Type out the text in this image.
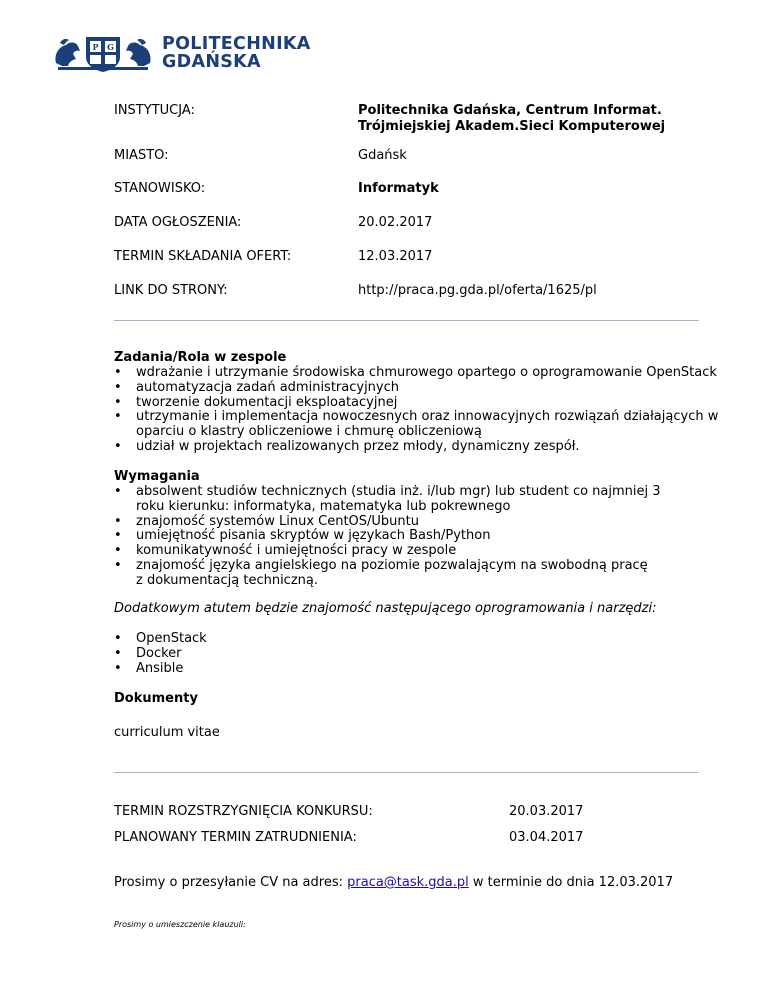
P G	POLITECHNIKA
GDAŃSKA
INSTYTUCJA:	Politechnika Gdańska, Centrum Informat.
Trójmiejskiej Akadem.Sieci Komputerowej
MIASTO:	Gdańsk
STANOWISKO:	Informatyk
DATA OGŁOSZENIA:	20.02.2017
TERMIN SKŁADANIA OFERT:	12.03.2017
LINK DO STRONY:	http://praca.pg.gda.pl/oferta/1625/pl
Zadania/Rola w zespole
• wdrażanie i utrzymanie środowiska chmurowego opartego o oprogramowanie OpenStack
• automatyzacja zadań administracyjnych
• tworzenie dokumentacji eksploatacyjnej
• utrzymanie i implementacja nowoczesnych oraz innowacyjnych rozwiązań działających w oparciu o klastry obliczeniowe i chmurę obliczeniową
• udział w projektach realizowanych przez młody, dynamiczny zespół.
Wymagania
• absolwent studiów technicznych (studia inż. i/lub mgr) lub student co najmniej 3 roku kierunku: informatyka, matematyka lub pokrewnego
• znajomość systemów Linux CentOS/Ubuntu
• umiejętność pisania skryptów w językach Bash/Python
• komunikatywność i umiejętności pracy w zespole
• znajomość języka angielskiego na poziomie pozwalającym na swobodną pracę z dokumentacją techniczną.
Dodatkowym atutem będzie znajomość następującego oprogramowania i narzędzi:
• OpenStack
• Docker
• Ansible
Dokumenty
curriculum vitae
TERMIN ROZSTRZYGNIĘCIA KONKURSU:	20.03.2017
PLANOWANY TERMIN ZATRUDNIENIA:	03.04.2017
Prosimy o przesyłanie CV na adres: praca@task.gda.pl w terminie do dnia 12.03.2017
Prosimy o umieszczenie klauzuli:
